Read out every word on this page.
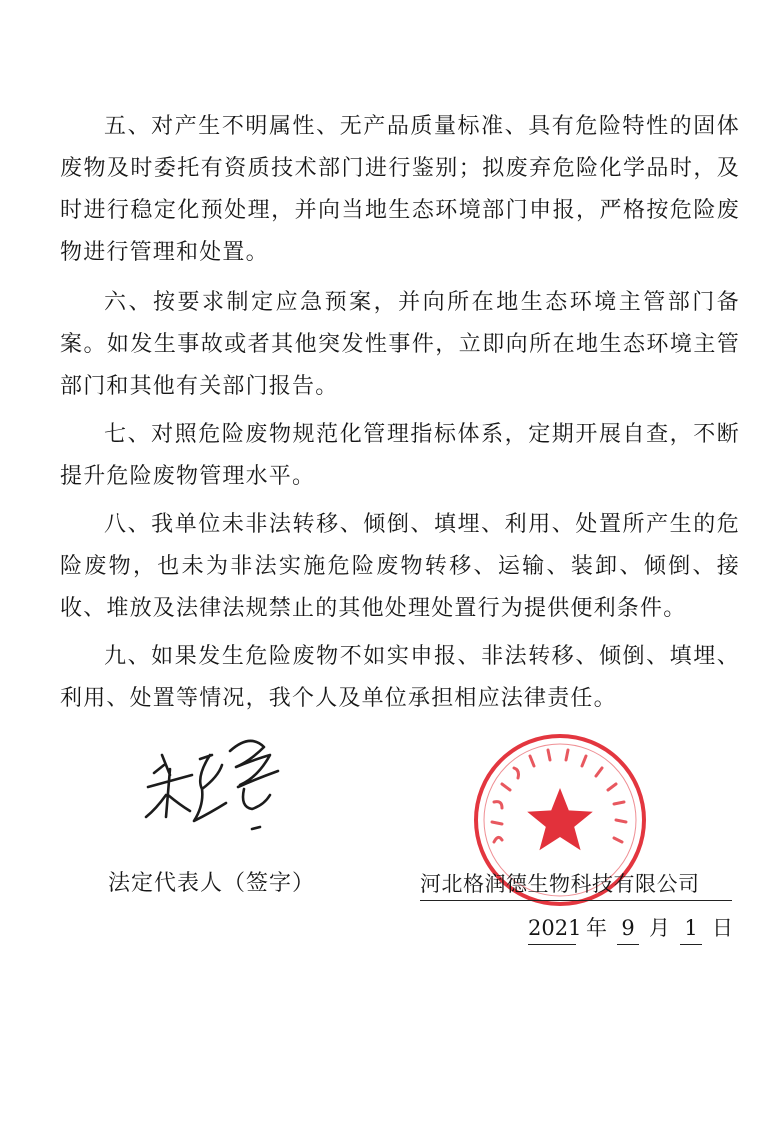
五、对产生不明属性、无产品质量标准、具有危险特性的固体废物及时委托有资质技术部门进行鉴别；拟废弃危险化学品时，及时进行稳定化预处理，并向当地生态环境部门申报，严格按危险废物进行管理和处置。

六、按要求制定应急预案，并向所在地生态环境主管部门备案。如发生事故或者其他突发性事件，立即向所在地生态环境主管部门和其他有关部门报告。

七、对照危险废物规范化管理指标体系，定期开展自查，不断提升危险废物管理水平。

八、我单位未非法转移、倾倒、填埋、利用、处置所产生的危险废物，也未为非法实施危险废物转移、运输、装卸、倾倒、接收、堆放及法律法规禁止的其他处理处置行为提供便利条件。

九、如果发生危险废物不如实申报、非法转移、倾倒、填埋、利用、处置等情况，我个人及单位承担相应法律责任。

法定代表人（签字）	河北格润德生物科技有限公司

2021 年 9 月 1 日
